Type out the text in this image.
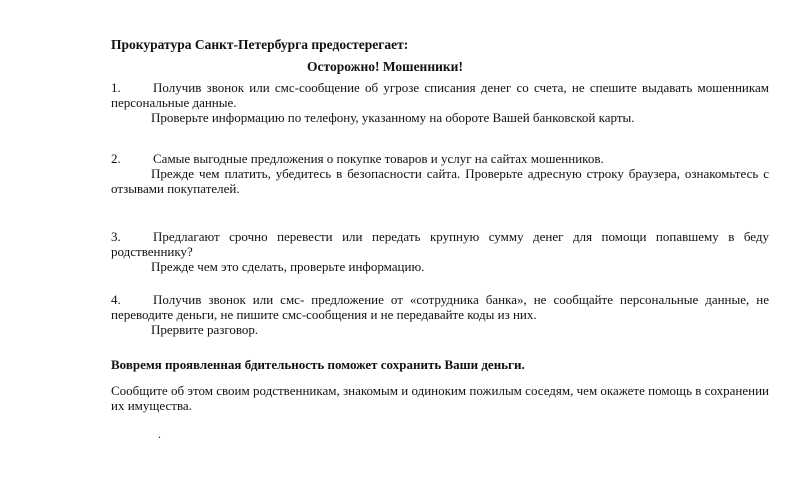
Прокуратура Санкт-Петербурга предостерегает:
Осторожно! Мошенники!

1. Получив звонок или смс-сообщение об угрозе списания денег со счета, не спешите выдавать мошенникам персональные данные.

Проверьте информацию по телефону, указанному на обороте Вашей банковской карты.

2. Самые выгодные предложения о покупке товаров и услуг на сайтах мошенников.

Прежде чем платить, убедитесь в безопасности сайта. Проверьте адресную строку браузера, ознакомьтесь с отзывами покупателей.

3. Предлагают срочно перевести или передать крупную сумму денег для помощи попавшему в беду родственнику?

Прежде чем это сделать, проверьте информацию.

4. Получив звонок или смс- предложение от «сотрудника банка», не сообщайте персональные данные, не переводите деньги, не пишите смс-сообщения и не передавайте коды из них.

Прервите разговор.

Вовремя проявленная бдительность поможет сохранить Ваши деньги.
Сообщите об этом своим родственникам, знакомым и одиноким пожилым соседям, чем окажете помощь в сохранении их имущества.
.
